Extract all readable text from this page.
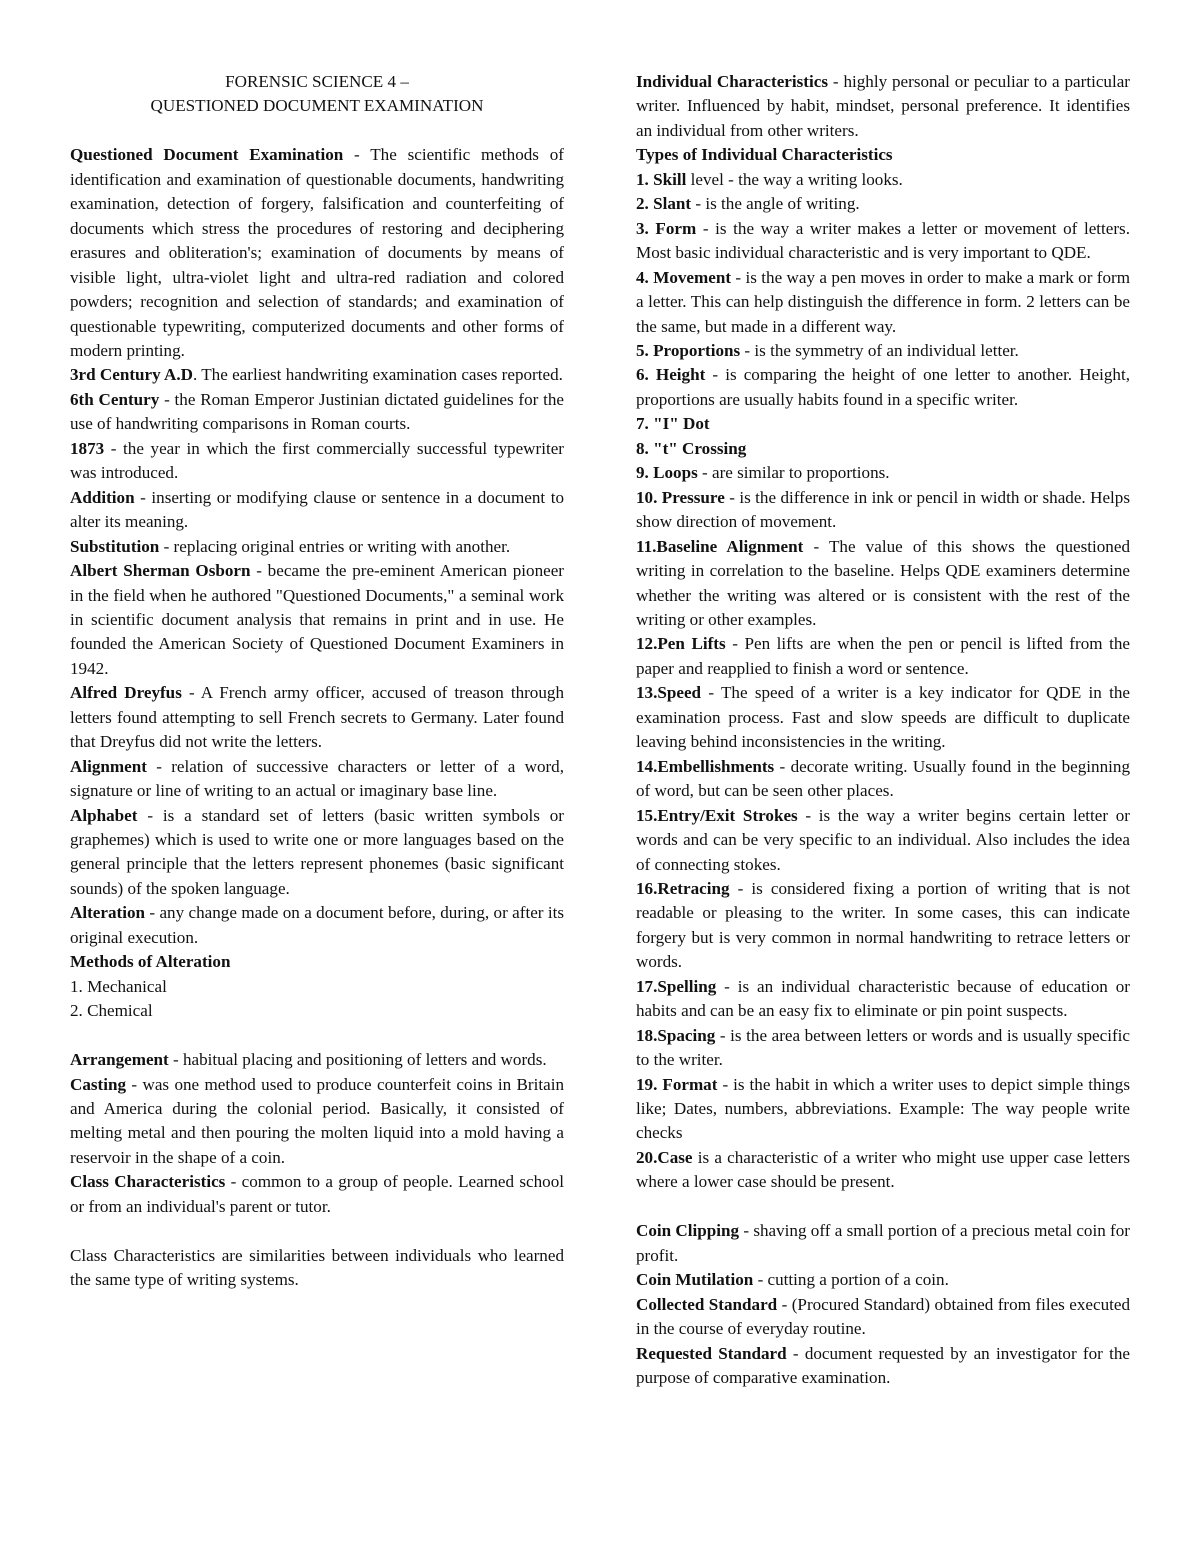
FORENSIC SCIENCE 4 –

QUESTIONED DOCUMENT EXAMINATION

Questioned Document Examination - The scientific methods of identification and examination of questionable documents, handwriting examination, detection of forgery, falsification and counterfeiting of documents which stress the procedures of restoring and deciphering erasures and obliteration's; examination of documents by means of visible light, ultra-violet light and ultra-red radiation and colored powders; recognition and selection of standards; and examination of questionable typewriting, computerized documents and other forms of modern printing.

3rd Century A.D. The earliest handwriting examination cases reported.

6th Century - the Roman Emperor Justinian dictated guidelines for the use of handwriting comparisons in Roman courts.

1873 - the year in which the first commercially successful typewriter was introduced.

Addition - inserting or modifying clause or sentence in a document to alter its meaning.

Substitution - replacing original entries or writing with another.

Albert Sherman Osborn - became the pre-eminent American pioneer in the field when he authored "Questioned Documents," a seminal work in scientific document analysis that remains in print and in use. He founded the American Society of Questioned Document Examiners in 1942.

Alfred Dreyfus - A French army officer, accused of treason through letters found attempting to sell French secrets to Germany. Later found that Dreyfus did not write the letters.

Alignment - relation of successive characters or letter of a word, signature or line of writing to an actual or imaginary base line.

Alphabet - is a standard set of letters (basic written symbols or graphemes) which is used to write one or more languages based on the general principle that the letters represent phonemes (basic significant sounds) of the spoken language.

Alteration - any change made on a document before, during, or after its original execution.

Methods of Alteration

1. Mechanical

2. Chemical

Arrangement - habitual placing and positioning of letters and words.

Casting - was one method used to produce counterfeit coins in Britain and America during the colonial period. Basically, it consisted of melting metal and then pouring the molten liquid into a mold having a reservoir in the shape of a coin.

Class Characteristics - common to a group of people. Learned school or from an individual's parent or tutor.

Class Characteristics are similarities between individuals who learned the same type of writing systems.

Individual Characteristics - highly personal or peculiar to a particular writer. Influenced by habit, mindset, personal preference. It identifies an individual from other writers.

Types of Individual Characteristics

1. Skill level - the way a writing looks.

2. Slant - is the angle of writing.

3. Form - is the way a writer makes a letter or movement of letters. Most basic individual characteristic and is very important to QDE.

4. Movement - is the way a pen moves in order to make a mark or form a letter. This can help distinguish the difference in form. 2 letters can be the same, but made in a different way.

5. Proportions - is the symmetry of an individual letter.

6. Height - is comparing the height of one letter to another. Height, proportions are usually habits found in a specific writer.

7. "I" Dot

8. "t" Crossing

9. Loops - are similar to proportions.

10. Pressure - is the difference in ink or pencil in width or shade. Helps show direction of movement.

11.Baseline Alignment - The value of this shows the questioned writing in correlation to the baseline. Helps QDE examiners determine whether the writing was altered or is consistent with the rest of the writing or other examples.

12.Pen Lifts - Pen lifts are when the pen or pencil is lifted from the paper and reapplied to finish a word or sentence.

13.Speed - The speed of a writer is a key indicator for QDE in the examination process. Fast and slow speeds are difficult to duplicate leaving behind inconsistencies in the writing.

14.Embellishments - decorate writing. Usually found in the beginning of word, but can be seen other places.

15.Entry/Exit Strokes - is the way a writer begins certain letter or words and can be very specific to an individual. Also includes the idea of connecting stokes.

16.Retracing - is considered fixing a portion of writing that is not readable or pleasing to the writer. In some cases, this can indicate forgery but is very common in normal handwriting to retrace letters or words.

17.Spelling - is an individual characteristic because of education or habits and can be an easy fix to eliminate or pin point suspects.

18.Spacing - is the area between letters or words and is usually specific to the writer.

19. Format - is the habit in which a writer uses to depict simple things like; Dates, numbers, abbreviations. Example: The way people write checks

20.Case is a characteristic of a writer who might use upper case letters where a lower case should be present.

Coin Clipping - shaving off a small portion of a precious metal coin for profit.

Coin Mutilation - cutting a portion of a coin.

Collected Standard - (Procured Standard) obtained from files executed in the course of everyday routine.

Requested Standard - document requested by an investigator for the purpose of comparative examination.
